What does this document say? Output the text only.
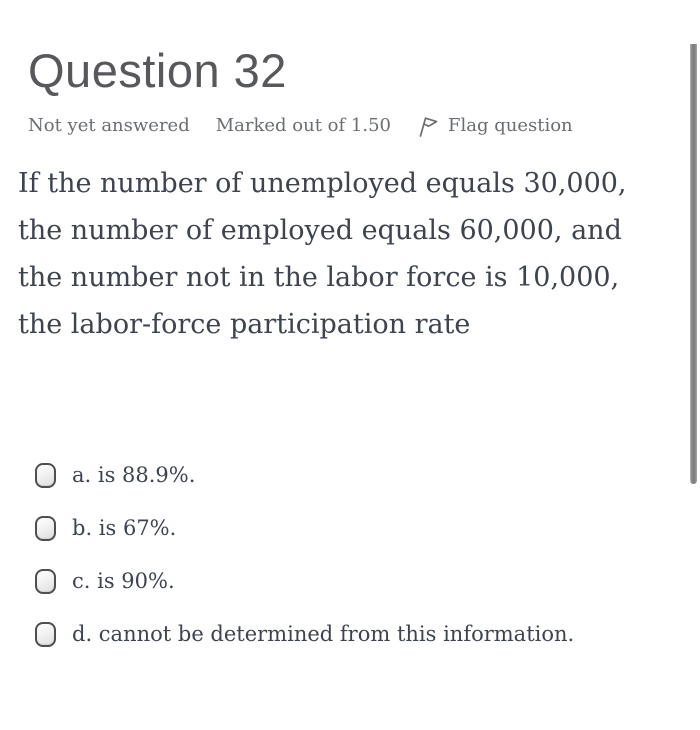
Question 32
Not yet answered Marked out of 1.50	Flag question
If the number of unemployed equals 30,000,
the number of employed equals 60,000, and
the number not in the labor force is 10,000,
the labor-force participation rate
a. is 88.9%.
b. is 67%.
c. is 90%.
d. cannot be determined from this information.
